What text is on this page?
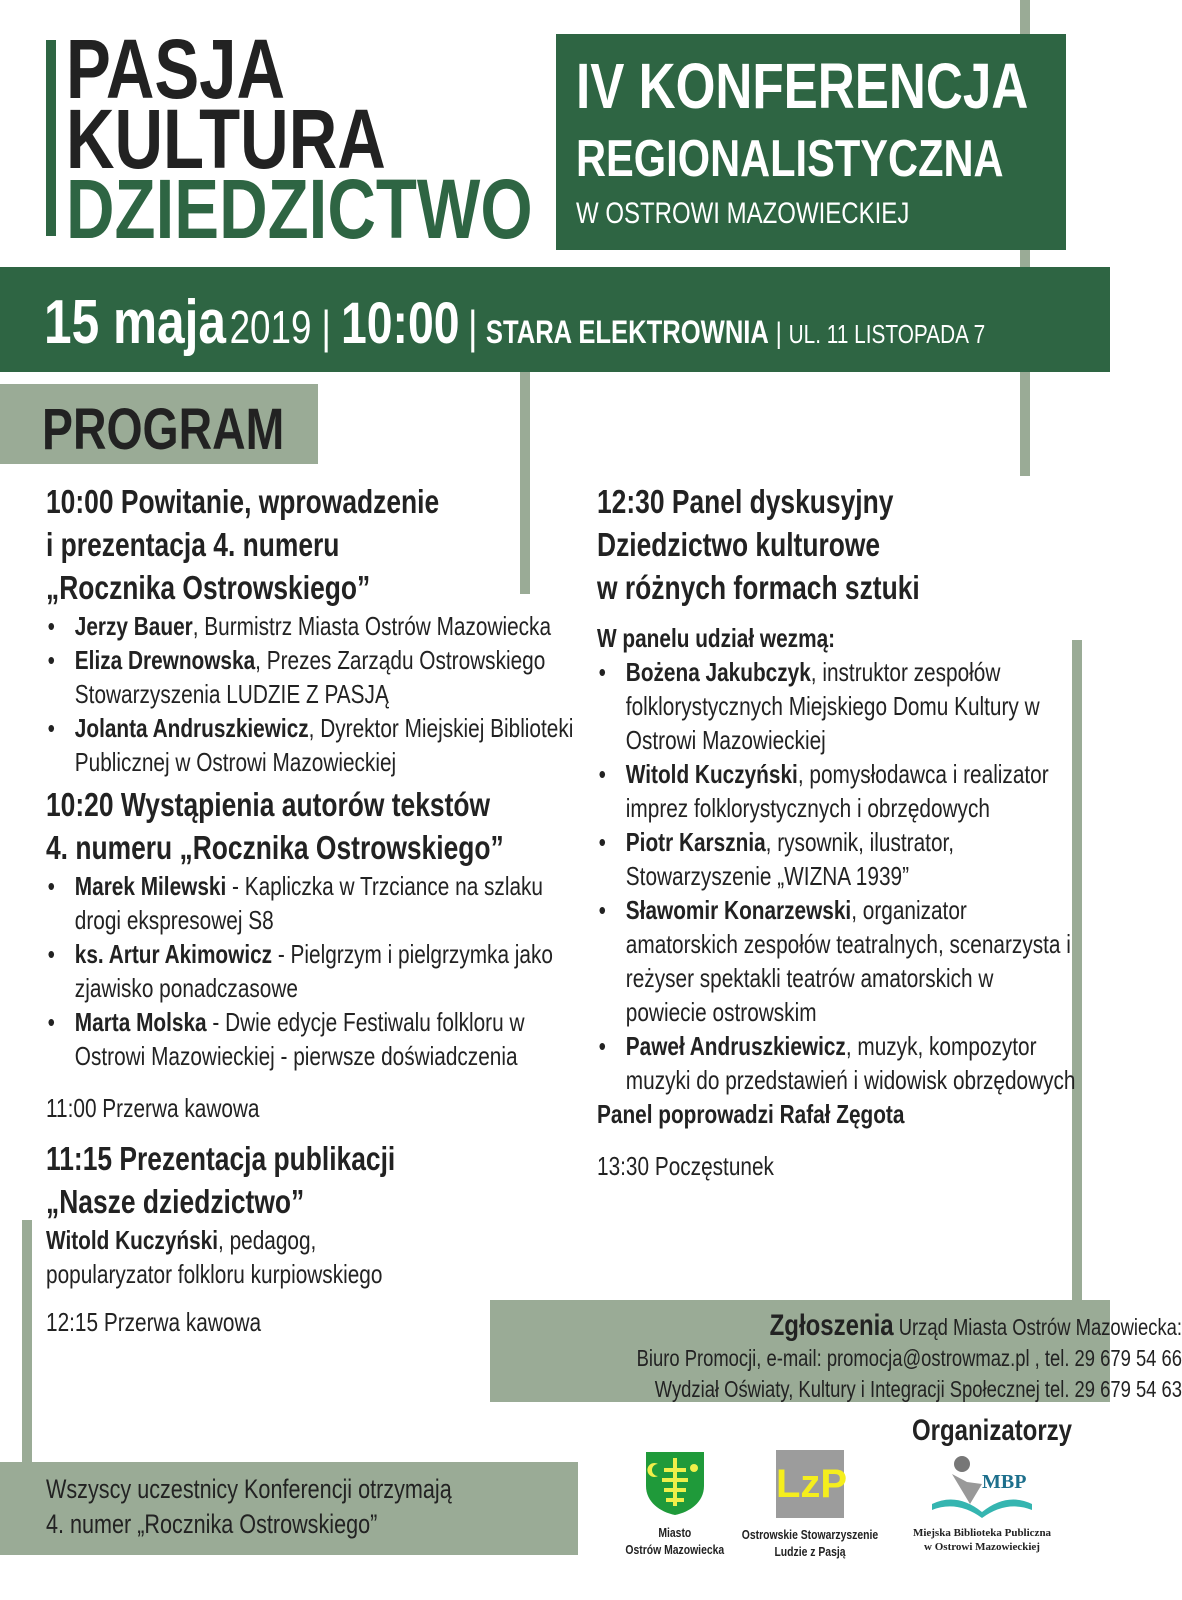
PASJA
KULTURA
DZIEDZICTWO
IV KONFERENCJA
REGIONALISTYCZNA
W OSTROWI MAZOWIECKIEJ
15 maja 2019 | 10:00 | STARA ELEKTROWNIA | UL. 11 LISTOPADA 7
PROGRAM
10:00 Powitanie, wprowadzenie
i prezentacja 4. numeru
„Rocznika Ostrowskiego”
• Jerzy Bauer, Burmistrz Miasta Ostrów Mazowiecka
• Eliza Drewnowska, Prezes Zarządu Ostrowskiego Stowarzyszenia LUDZIE Z PASJĄ
• Jolanta Andruszkiewicz, Dyrektor Miejskiej Biblioteki Publicznej w Ostrowi Mazowieckiej
10:20 Wystąpienia autorów tekstów
4. numeru „Rocznika Ostrowskiego”
• Marek Milewski - Kapliczka w Trzciance na szlaku drogi ekspresowej S8
• ks. Artur Akimowicz - Pielgrzym i pielgrzymka jako zjawisko ponadczasowe
• Marta Molska - Dwie edycje Festiwalu folkloru w Ostrowi Mazowieckiej - pierwsze doświadczenia
11:00 Przerwa kawowa
11:15 Prezentacja publikacji
„Nasze dziedzictwo”
Witold Kuczyński, pedagog,
popularyzator folkloru kurpiowskiego
12:15 Przerwa kawowa
12:30 Panel dyskusyjny
Dziedzictwo kulturowe
w różnych formach sztuki
W panelu udział wezmą:
• Bożena Jakubczyk, instruktor zespołów folklorystycznych Miejskiego Domu Kultury w Ostrowi Mazowieckiej
• Witold Kuczyński, pomysłodawca i realizator imprez folklorystycznych i obrzędowych
• Piotr Karsznia, rysownik, ilustrator, Stowarzyszenie „WIZNA 1939”
• Sławomir Konarzewski, organizator amatorskich zespołów teatralnych, scenarzysta i reżyser spektakli teatrów amatorskich w powiecie ostrowskim
• Paweł Andruszkiewicz, muzyk, kompozytor muzyki do przedstawień i widowisk obrzędowych
Panel poprowadzi Rafał Zęgota
13:30 Poczęstunek
Zgłoszenia Urząd Miasta Ostrów Mazowiecka:
Biuro Promocji, e-mail: promocja@ostrowmaz.pl , tel. 29 679 54 66
Wydział Oświaty, Kultury i Integracji Społecznej tel. 29 679 54 63
Wszyscy uczestnicy Konferencji otrzymają
4. numer „Rocznika Ostrowskiego”
Organizatorzy
Miasto
Ostrów Mazowiecka
LzP
Ostrowskie Stowarzyszenie
Ludzie z Pasją
MBP
Miejska Biblioteka Publiczna
w Ostrowi Mazowieckiej
